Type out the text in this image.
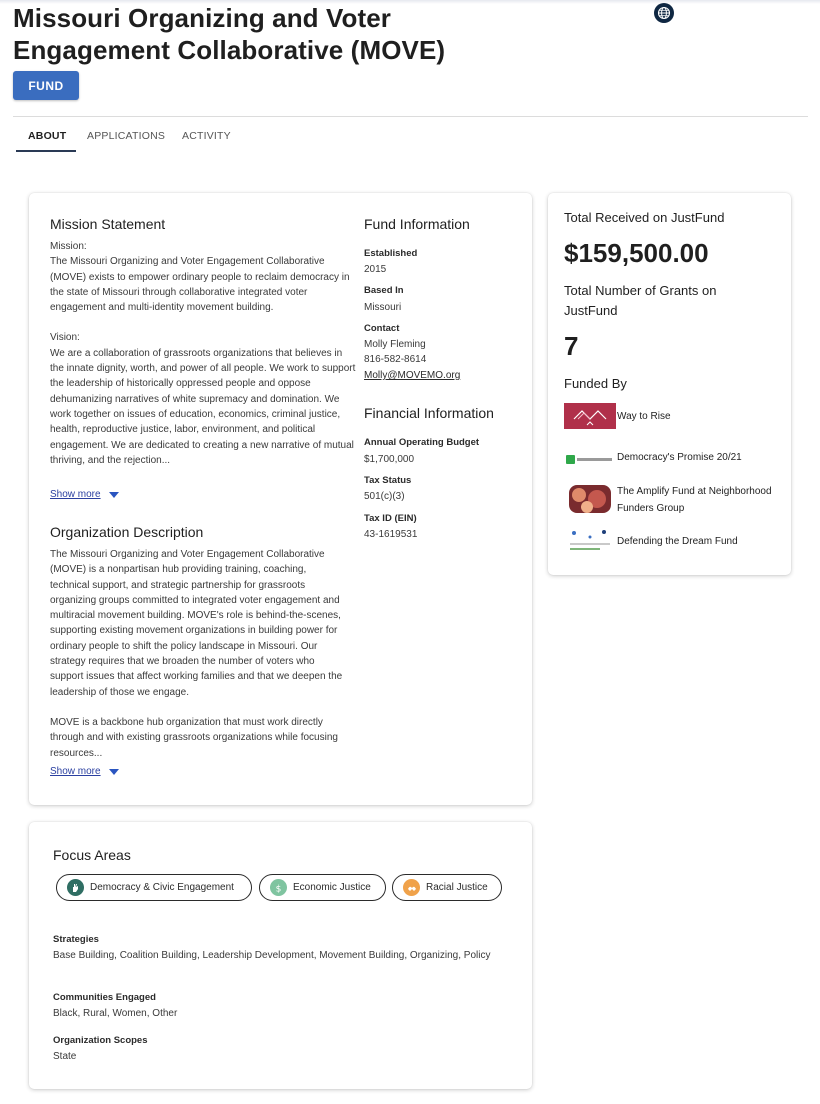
Missouri Organizing and Voter Engagement Collaborative (MOVE)
FUND
ABOUT APPLICATIONS ACTIVITY
Mission Statement
Mission:
The Missouri Organizing and Voter Engagement Collaborative (MOVE) exists to empower ordinary people to reclaim democracy in the state of Missouri through collaborative integrated voter engagement and multi-identity movement building.
Vision:
We are a collaboration of grassroots organizations that believes in the innate dignity, worth, and power of all people. We work to support the leadership of historically oppressed people and oppose dehumanizing narratives of white supremacy and domination. We work together on issues of education, economics, criminal justice, health, reproductive justice, labor, environment, and political engagement. We are dedicated to creating a new narrative of mutual thriving, and the rejection...
Show more
Organization Description
The Missouri Organizing and Voter Engagement Collaborative (MOVE) is a nonpartisan hub providing training, coaching, technical support, and strategic partnership for grassroots organizing groups committed to integrated voter engagement and multiracial movement building. MOVE's role is behind-the-scenes, supporting existing movement organizations in building power for ordinary people to shift the policy landscape in Missouri. Our strategy requires that we broaden the number of voters who support issues that affect working families and that we deepen the leadership of those we engage.
MOVE is a backbone hub organization that must work directly through and with existing grassroots organizations while focusing resources...
Show more
Fund Information
Established
2015
Based In
Missouri
Contact
Molly Fleming
816-582-8614
Molly@MOVEMO.org
Financial Information
Annual Operating Budget
$1,700,000
Tax Status
501(c)(3)
Tax ID (EIN)
43-1619531
Focus Areas
Strategies
Base Building, Coalition Building, Leadership Development, Movement Building, Organizing, Policy
Communities Engaged
Black, Rural, Women, Other
Organization Scopes
State
Democracy & Civic Engagement	$ Economic Justice	Racial Justice
Total Received on JustFund
$159,500.00
Total Number of Grants on JustFund
7
Funded By
Way to Rise
Democracy's Promise 20/21
The Amplify Fund at Neighborhood Funders Group
Defending the Dream Fund
